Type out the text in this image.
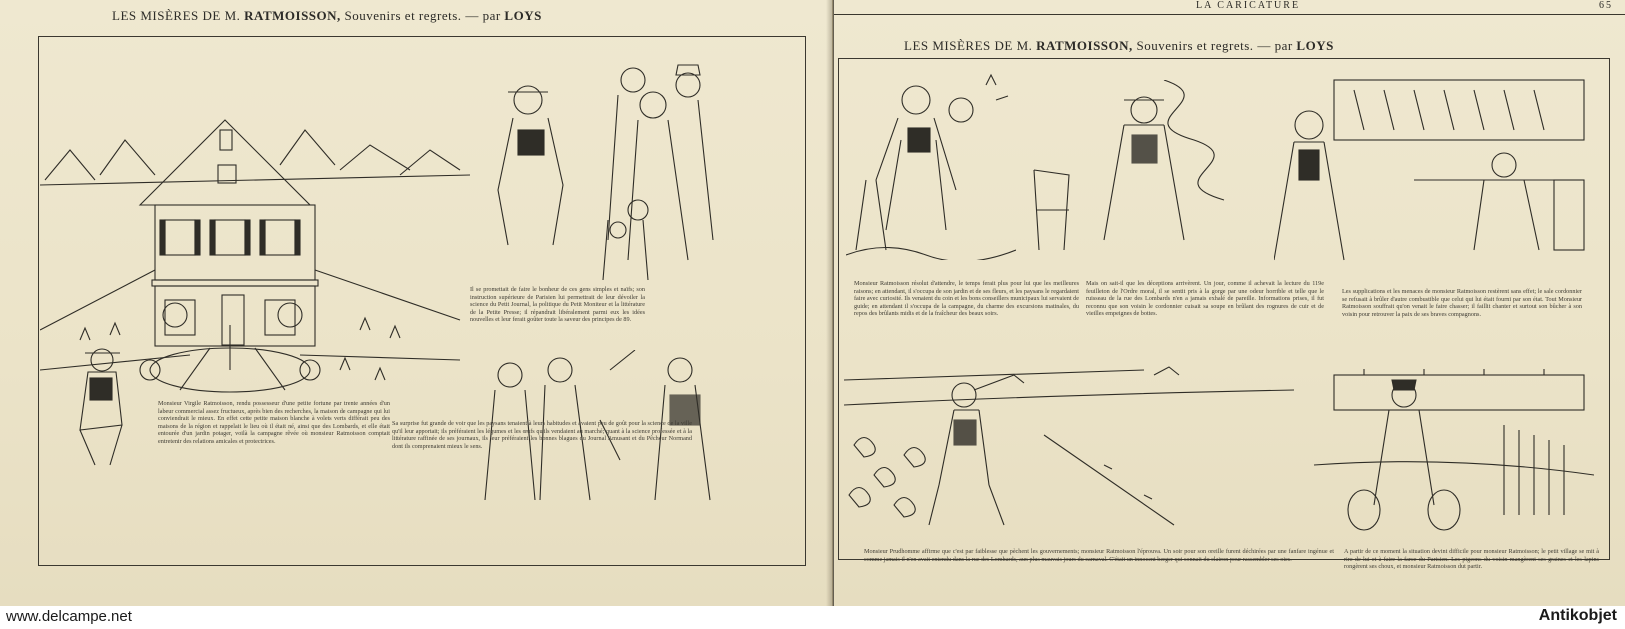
LES MISÈRES DE M. RATMOISSON, Souvenirs et regrets. — par LOYS
Il se promettait de faire le bonheur de ces gens simples et naïfs; son instruction supérieure de Parisien lui permettrait de leur dévoiler la science du Petit Journal, la politique du Petit Moniteur et la littérature de la Petite Presse; il répandrait libéralement parmi eux les idées nouvelles et leur ferait goûter toute la saveur des principes de 89.
Monsieur Virgile Ratmoisson, rendu possesseur d'une petite fortune par trente années d'un labeur commercial assez fructueux, après bien des recherches, la maison de campagne qui lui conviendrait le mieux. En effet cette petite maison blanche à volets verts différait peu des maisons de la région et rappelait le lieu où il était né, ainsi que des Lombards, et elle était entourée d'un jardin potager, voilà la campagne rêvée où monsieur Ratmoisson comptait entretenir des relations amicales et protectrices.
Sa surprise fut grande de voir que les paysans tenaient à leurs habitudes et avaient peu de goût pour la science de la ville qu'il leur apportait; ils préféraient les légumes et les œufs qu'ils vendaient au marché; quant à la science professée et à la littérature raffinée de ses journaux, ils leur préféraient les bonnes blagues du Journal Amusant et du Pêcheur Normand dont ils comprenaient mieux le sens.
LA CARICATURE	65
LES MISÈRES DE M. RATMOISSON, Souvenirs et regrets. — par LOYS
Monsieur Ratmoisson résolut d'attendre, le temps ferait plus pour lui que les meilleures raisons; en attendant, il s'occupa de son jardin et de ses fleurs, et les paysans le regardaient faire avec curiosité. Ils venaient du coin et les bons conseillers municipaux lui servaient de guide; en attendant il s'occupa de la campagne, du charme des excursions matinales, du repos des brûlants midis et de la fraîcheur des beaux soirs.
Mais on sait-il que les déceptions arrivèrent. Un jour, comme il achevait la lecture du 119e feuilleton de l'Ordre moral, il se sentit pris à la gorge par une odeur horrible et telle que le ruisseau de la rue des Lombards n'en a jamais exhalé de pareille. Informations prises, il fut reconnu que son voisin le cordonnier cuisait sa soupe en brûlant des rognures de cuir et de vieilles empeignes de bottes.
Les supplications et les menaces de monsieur Ratmoisson restèrent sans effet; le sale cordonnier se refusait à brûler d'autre combustible que celui qui lui était fourni par son état. Tout Monsieur Ratmoisson souffrait qu'on venait le faire chasser; il faillit chanter et surtout son bûcher à son voisin pour retrouver la paix de ses braves compagnons.
Monsieur Prudhomme affirme que c'est par faiblesse que pèchent les gouvernements; monsieur Ratmoisson l'éprouva. Un soir pour son oreille furent déchirées par une fanfare ingénue et comme jamais il n'en avait entendu dans la rue des Lombards, aux plus mauvais jours du carnaval. C'était un innocent berger qui sonnait du clairon pour rassembler ses oies.
A partir de ce moment la situation devint difficile pour monsieur Ratmoisson; le petit village se mit à rire de lui et à faire la farce du Parisien. Les pigeons du voisin mangèrent ses graines et les lapins rongèrent ses choux, et monsieur Ratmoisson dut partir.
www.delcampe.net	Antikobjet
